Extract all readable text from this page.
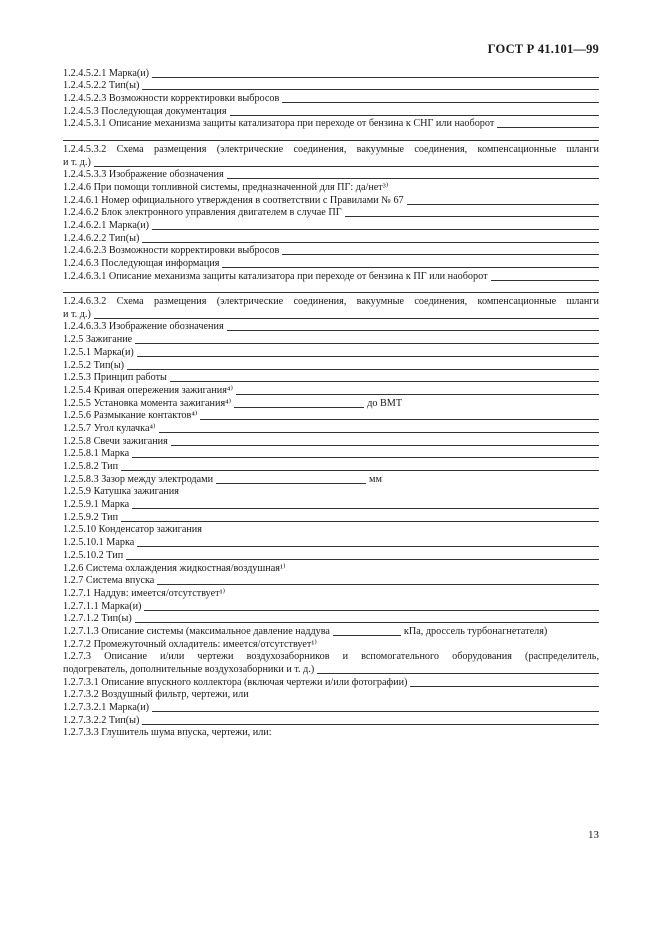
ГОСТ Р 41.101—99
1.2.4.5.2.1 Марка(и)
1.2.4.5.2.2 Тип(ы)
1.2.4.5.2.3 Возможности корректировки выбросов
1.2.4.5.3 Последующая документация
1.2.4.5.3.1 Описание механизма защиты катализатора при переходе от бензина к СНГ или наоборот
1.2.4.5.3.2 Схема размещения (электрические соединения, вакуумные соединения, компенсационные шланги
и т. д.)
1.2.4.5.3.3 Изображение обозначения
1.2.4.6 При помощи топливной системы, предназначенной для ПГ: да/нет³⁾
1.2.4.6.1 Номер официального утверждения в соответствии с Правилами № 67
1.2.4.6.2 Блок электронного управления двигателем в случае ПГ
1.2.4.6.2.1 Марка(и)
1.2.4.6.2.2 Тип(ы)
1.2.4.6.2.3 Возможности корректировки выбросов
1.2.4.6.3 Последующая информация
1.2.4.6.3.1 Описание механизма защиты катализатора при переходе от бензина к ПГ или наоборот
1.2.4.6.3.2 Схема размещения (электрические соединения, вакуумные соединения, компенсационные шланги
и т. д.)
1.2.4.6.3.3 Изображение обозначения
1.2.5 Зажигание
1.2.5.1 Марка(и)
1.2.5.2 Тип(ы)
1.2.5.3 Принцип работы
1.2.5.4 Кривая опережения зажигания⁴⁾
1.2.5.5 Установка момента зажигания⁴⁾	до ВМТ
1.2.5.6 Размыкание контактов⁴⁾
1.2.5.7 Угол кулачка⁴⁾
1.2.5.8 Свечи зажигания
1.2.5.8.1 Марка
1.2.5.8.2 Тип
1.2.5.8.3 Зазор между электродами	мм
1.2.5.9 Катушка зажигания
1.2.5.9.1 Марка
1.2.5.9.2 Тип
1.2.5.10 Конденсатор зажигания
1.2.5.10.1 Марка
1.2.5.10.2 Тип
1.2.6 Система охлаждения жидкостная/воздушная¹⁾
1.2.7 Система впуска
1.2.7.1 Наддув: имеется/отсутствует¹⁾
1.2.7.1.1 Марка(и)
1.2.7.1.2 Тип(ы)
1.2.7.1.3 Описание системы (максимальное давление наддува	кПа, дроссель турбонагнетателя)
1.2.7.2 Промежуточный охладитель: имеется/отсутствует¹⁾
1.2.7.3 Описание и/или чертежи воздухозаборников и вспомогательного оборудования (распределитель,
подогреватель, дополнительные воздухозаборники и т. д.)
1.2.7.3.1 Описание впускного коллектора (включая чертежи и/или фотографии)
1.2.7.3.2 Воздушный фильтр, чертежи, или
1.2.7.3.2.1 Марка(и)
1.2.7.3.2.2 Тип(ы)
1.2.7.3.3 Глушитель шума впуска, чертежи, или:
13
